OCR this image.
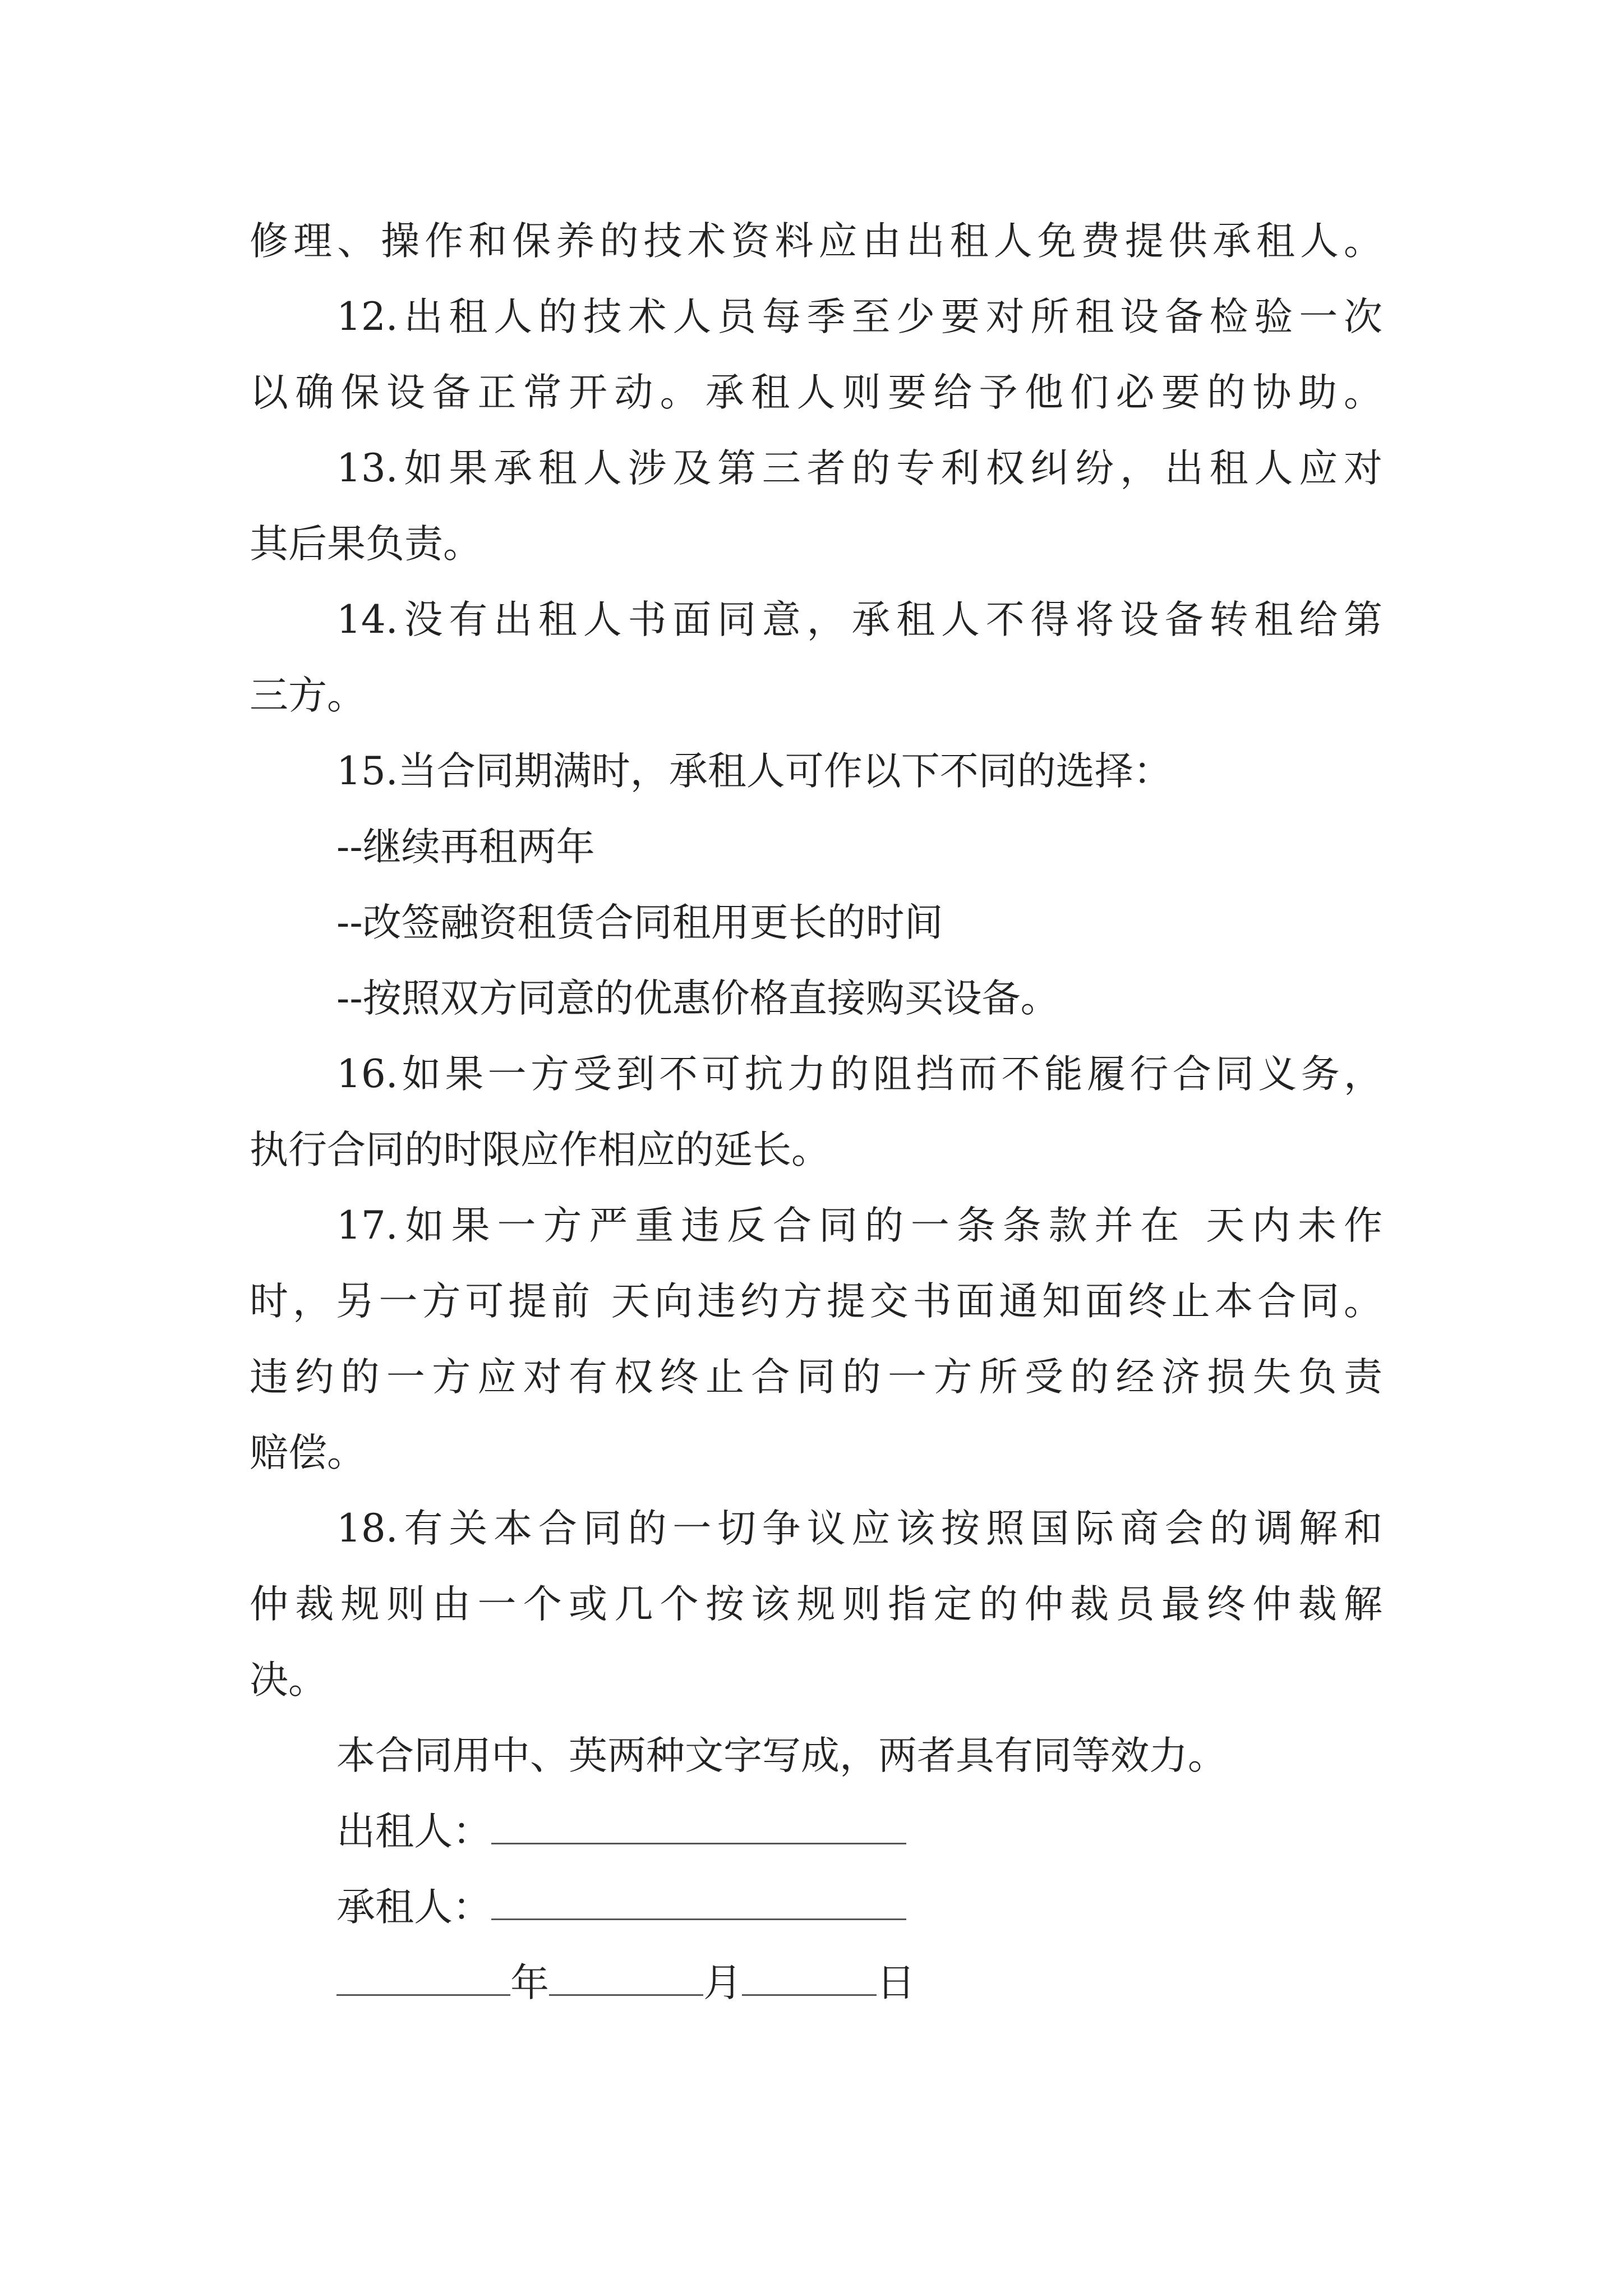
修理、操作和保养的技术资料应由出租人免费提供承租人。
12.出租人的技术人员每季至少要对所租设备检验一次
以确保设备正常开动。承租人则要给予他们必要的协助。
13.如果承租人涉及第三者的专利权纠纷，出租人应对
其后果负责。
14.没有出租人书面同意，承租人不得将设备转租给第
三方。
15.当合同期满时，承租人可作以下不同的选择：
--继续再租两年
--改签融资租赁合同租用更长的时间
--按照双方同意的优惠价格直接购买设备。
16.如果一方受到不可抗力的阻挡而不能履行合同义务，
执行合同的时限应作相应的延长。
17.如果一方严重违反合同的一条条款并在 天内未作
时，另一方可提前 天向违约方提交书面通知面终止本合同。
违约的一方应对有权终止合同的一方所受的经济损失负责
赔偿。
18.有关本合同的一切争议应该按照国际商会的调解和
仲裁规则由一个或几个按该规则指定的仲裁员最终仲裁解
决。
本合同用中、英两种文字写成，两者具有同等效力。
出租人：
承租人：
年	月	日
